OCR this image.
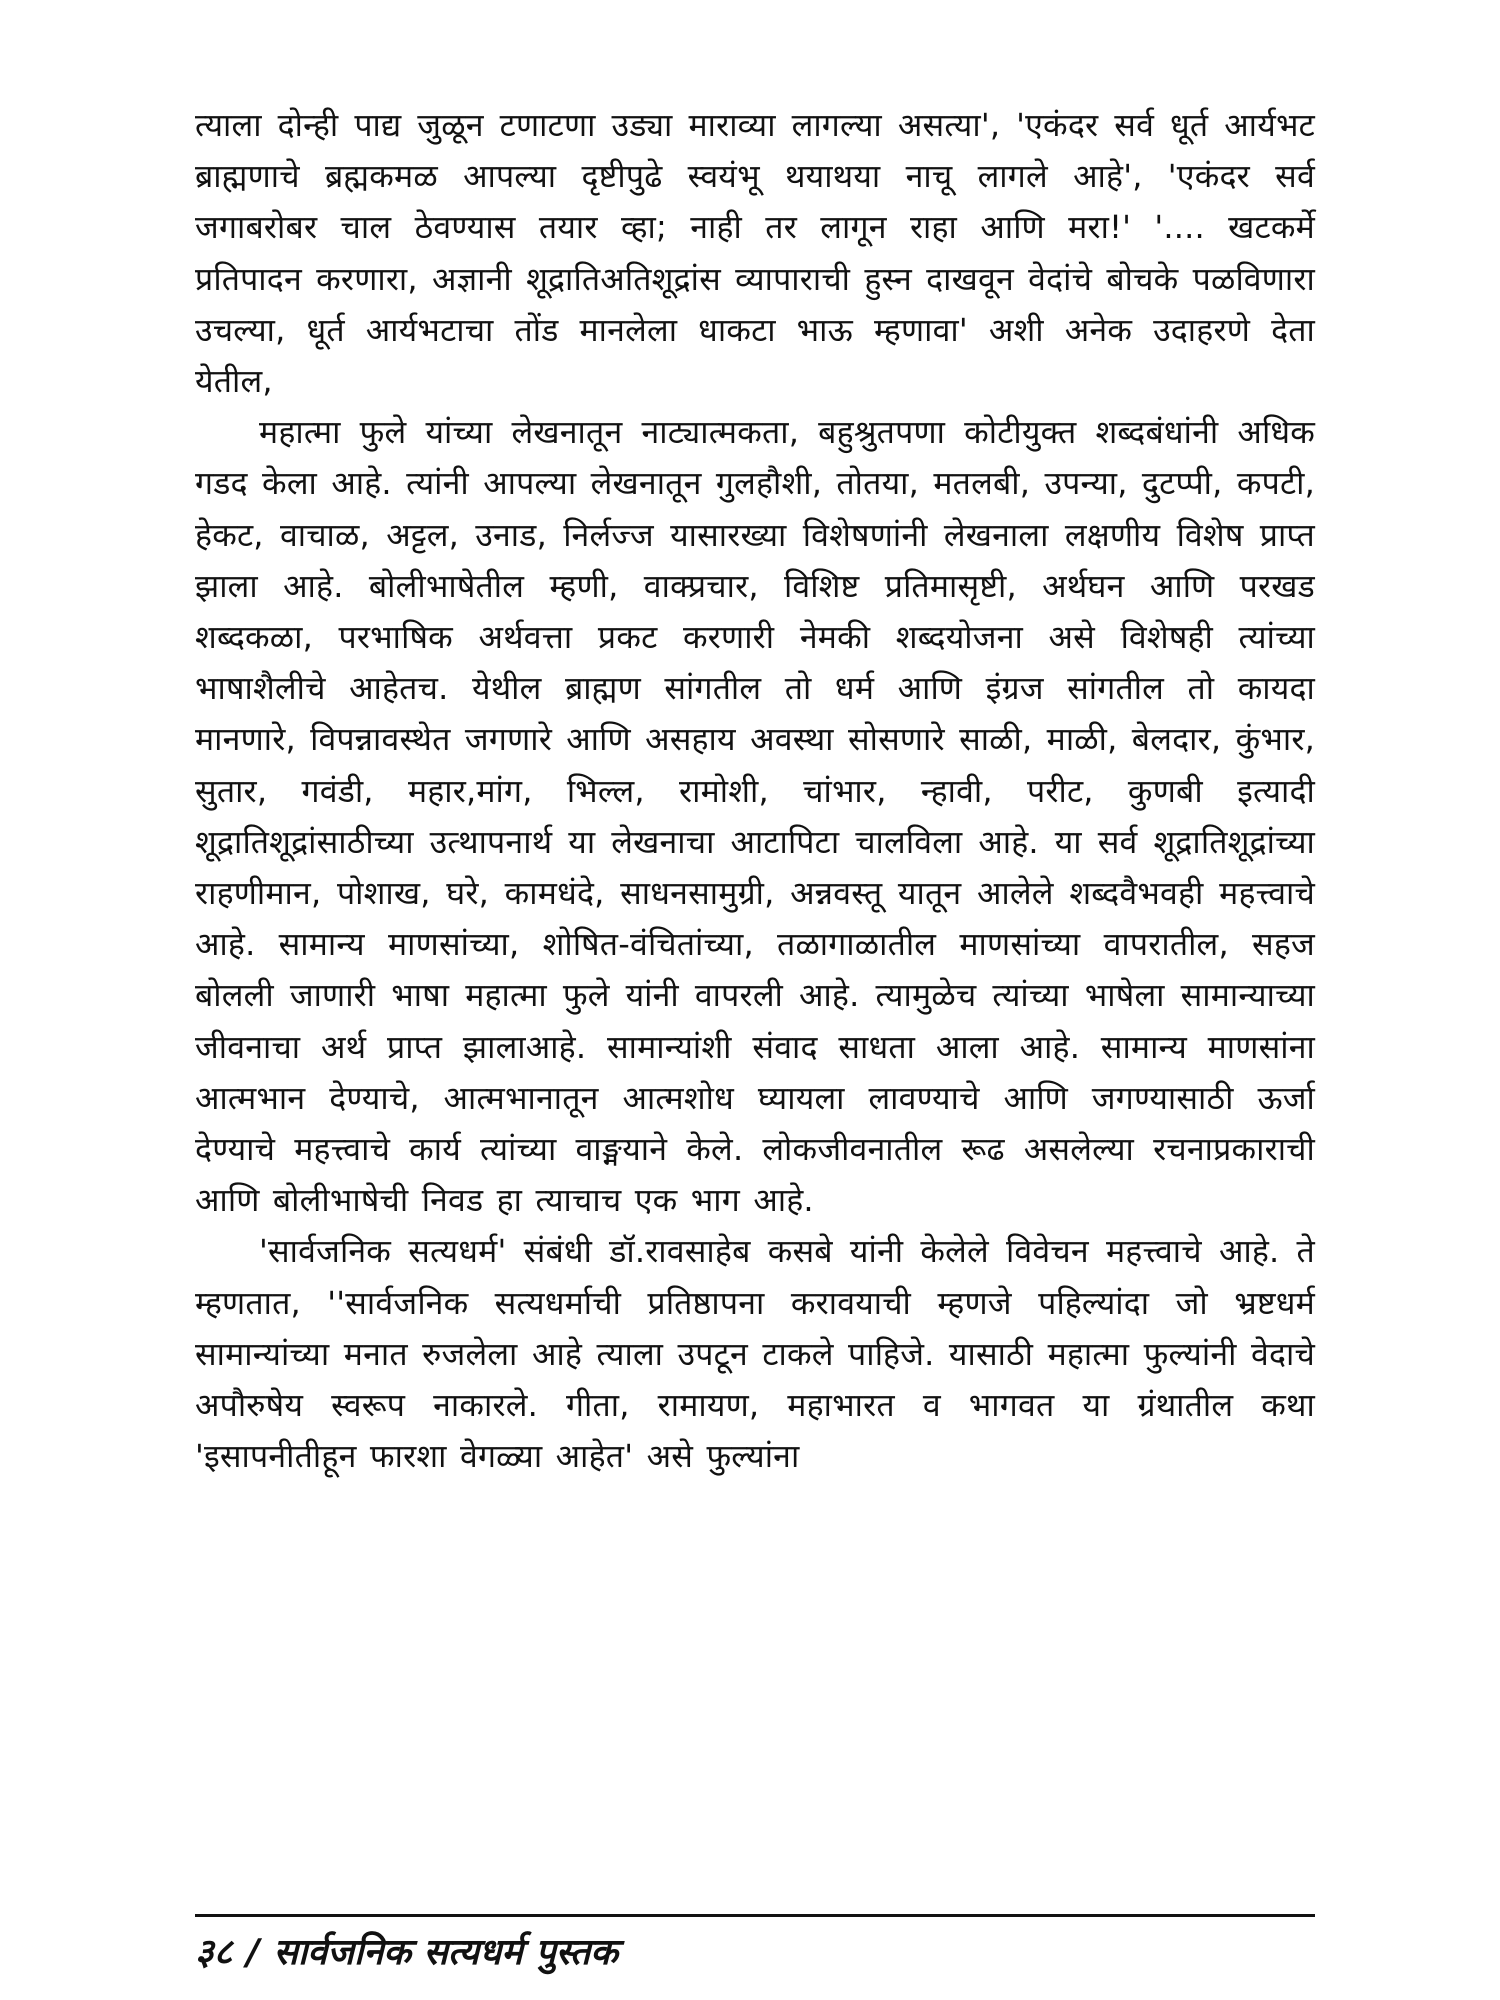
त्याला दोन्ही पाद्य जुळून टणाटणा उड्या माराव्या लागल्या असत्या', 'एकंदर सर्व धूर्त आर्यभट ब्राह्मणाचे ब्रह्मकमळ आपल्या दृष्टीपुढे स्वयंभू थयाथया नाचू लागले आहे', 'एकंदर सर्व जगाबरोबर चाल ठेवण्यास तयार व्हा; नाही तर लागून राहा आणि मरा!' '.... खटकर्मे प्रतिपादन करणारा, अज्ञानी शूद्रातिअतिशूद्रांस व्यापाराची हुस्न दाखवून वेदांचे बोचके पळविणारा उचल्या, धूर्त आर्यभटाचा तोंड मानलेला धाकटा भाऊ म्हणावा' अशी अनेक उदाहरणे देता येतील,

महात्मा फुले यांच्या लेखनातून नाट्यात्मकता, बहुश्रुतपणा कोटीयुक्त शब्दबंधांनी अधिक गडद केला आहे. त्यांनी आपल्या लेखनातून गुलहौशी, तोतया, मतलबी, उपन्या, दुटप्पी, कपटी, हेकट, वाचाळ, अट्टल, उनाड, निर्लज्ज यासारख्या विशेषणांनी लेखनाला लक्षणीय विशेष प्राप्त झाला आहे. बोलीभाषेतील म्हणी, वाक्प्रचार, विशिष्ट प्रतिमासृष्टी, अर्थघन आणि परखड शब्दकळा, परभाषिक अर्थवत्ता प्रकट करणारी नेमकी शब्दयोजना असे विशेषही त्यांच्या भाषाशैलीचे आहेतच. येथील ब्राह्मण सांगतील तो धर्म आणि इंग्रज सांगतील तो कायदा मानणारे, विपन्नावस्थेत जगणारे आणि असहाय अवस्था सोसणारे साळी, माळी, बेलदार, कुंभार, सुतार, गवंडी, महार,मांग, भिल्ल, रामोशी, चांभार, न्हावी, परीट, कुणबी इत्यादी शूद्रातिशूद्रांसाठीच्या उत्थापनार्थ या लेखनाचा आटापिटा चालविला आहे. या सर्व शूद्रातिशूद्रांच्या राहणीमान, पोशाख, घरे, कामधंदे, साधनसामुग्री, अन्नवस्तू यातून आलेले शब्दवैभवही महत्त्वाचे आहे. सामान्य माणसांच्या, शोषित-वंचितांच्या, तळागाळातील माणसांच्या वापरातील, सहज बोलली जाणारी भाषा महात्मा फुले यांनी वापरली आहे. त्यामुळेच त्यांच्या भाषेला सामान्याच्या जीवनाचा अर्थ प्राप्त झालाआहे. सामान्यांशी संवाद साधता आला आहे. सामान्य माणसांना आत्मभान देण्याचे, आत्मभानातून आत्मशोध घ्यायला लावण्याचे आणि जगण्यासाठी ऊर्जा देण्याचे महत्त्वाचे कार्य त्यांच्या वाङ्मयाने केले. लोकजीवनातील रूढ असलेल्या रचनाप्रकाराची आणि बोलीभाषेची निवड हा त्याचाच एक भाग आहे.

'सार्वजनिक सत्यधर्म' संबंधी डॉ.रावसाहेब कसबे यांनी केलेले विवेचन महत्त्वाचे आहे. ते म्हणतात, ''सार्वजनिक सत्यधर्माची प्रतिष्ठापना करावयाची म्हणजे पहिल्यांदा जो भ्रष्टधर्म सामान्यांच्या मनात रुजलेला आहे त्याला उपटून टाकले पाहिजे. यासाठी महात्मा फुल्यांनी वेदाचे अपौरुषेय स्वरूप नाकारले. गीता, रामायण, महाभारत व भागवत या ग्रंथातील कथा 'इसापनीतीहून फारशा वेगळ्या आहेत' असे फुल्यांना

३८ / सार्वजनिक सत्यधर्म पुस्तक
